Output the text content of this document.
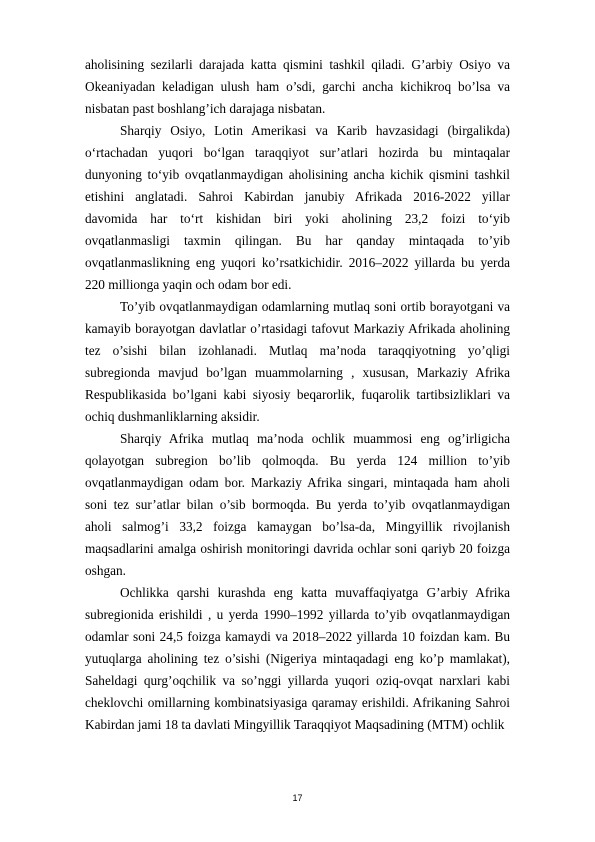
aholisining sezilarli darajada katta qismini tashkil qiladi. G’arbiy Osiyo va Okeaniyadan keladigan ulush ham o’sdi, garchi ancha kichikroq bo’lsa va nisbatan past boshlang’ich darajaga nisbatan.

Sharqiy Osiyo, Lotin Amerikasi va Karib havzasidagi (birgalikda) o‘rtachadan yuqori bo‘lgan taraqqiyot sur’atlari hozirda bu mintaqalar dunyoning to‘yib ovqatlanmaydigan aholisining ancha kichik qismini tashkil etishini anglatadi. Sahroi Kabirdan janubiy Afrikada 2016-2022 yillar davomida har to‘rt kishidan biri yoki aholining 23,2 foizi to‘yib ovqatlanmasligi taxmin qilingan. Bu har qanday mintaqada to’yib ovqatlanmaslikning eng yuqori ko’rsatkichidir. 2016–2022 yillarda bu yerda 220 millionga yaqin och odam bor edi.

To’yib ovqatlanmaydigan odamlarning mutlaq soni ortib borayotgani va kamayib borayotgan davlatlar o’rtasidagi tafovut Markaziy Afrikada aholining tez o’sishi bilan izohlanadi. Mutlaq ma’noda taraqqiyotning yo’qligi subregionda mavjud bo’lgan muammolarning , xususan, Markaziy Afrika Respublikasida bo’lgani kabi siyosiy beqarorlik, fuqarolik tartibsizliklari va ochiq dushmanliklarning aksidir.

Sharqiy Afrika mutlaq ma’noda ochlik muammosi eng og’irligicha qolayotgan subregion bo’lib qolmoqda. Bu yerda 124 million to’yib ovqatlanmaydigan odam bor. Markaziy Afrika singari, mintaqada ham aholi soni tez sur’atlar bilan o’sib bormoqda. Bu yerda to’yib ovqatlanmaydigan aholi salmog’i 33,2 foizga kamaygan bo’lsa-da, Mingyillik rivojlanish maqsadlarini amalga oshirish monitoringi davrida ochlar soni qariyb 20 foizga oshgan.

Ochlikka qarshi kurashda eng katta muvaffaqiyatga G’arbiy Afrika subregionida erishildi , u yerda 1990–1992 yillarda to’yib ovqatlanmaydigan odamlar soni 24,5 foizga kamaydi va 2018–2022 yillarda 10 foizdan kam. Bu yutuqlarga aholining tez o’sishi (Nigeriya mintaqadagi eng ko’p mamlakat), Saheldagi qurg’oqchilik va so’nggi yillarda yuqori oziq-ovqat narxlari kabi cheklovchi omillarning kombinatsiyasiga qaramay erishildi. Afrikaning Sahroi Kabirdan jami 18 ta davlati Mingyillik Taraqqiyot Maqsadining (MTM) ochlik

17
